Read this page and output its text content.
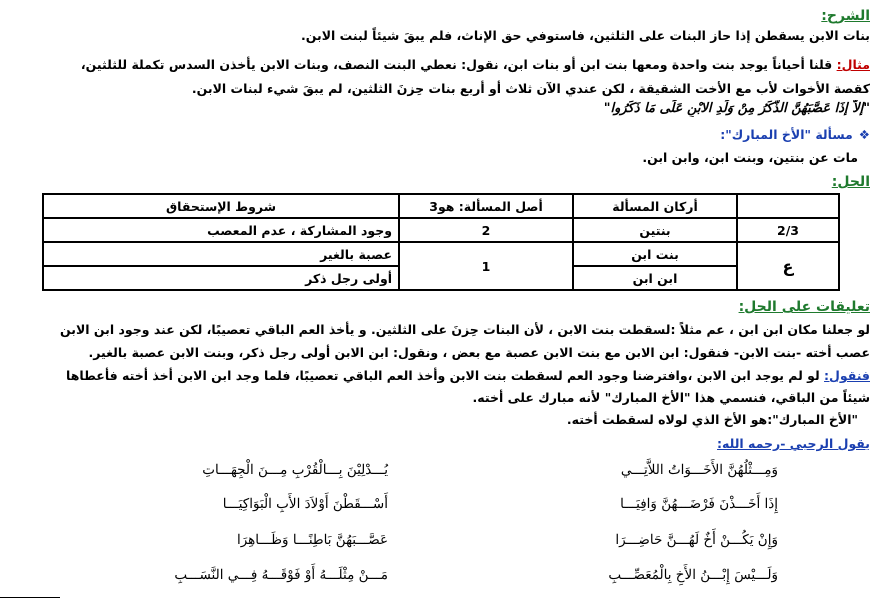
الشرح:
بنات الابن يسقطن إذا حاز البنات على الثلثين، فاستوفي حق الإناث، فلم يبقَ شيئاً لبنت الابن.
مثال: قلنا أحياناً يوجد بنت واحدة ومعها بنت ابن أو بنات ابن، نقول: نعطي البنت النصف، وبنات الابن يأخذن السدس تكملة للثلثين،
كقصة الأخوات لأب مع الأخت الشقيقة ، لكن عندي الآن ثلاث أو أربع بنات حِزنَ الثلثين، لم يبقَ شيء لبنات الابن.
"إلاَّ إذَا عَصَّبَهُنَّ الذَّكَرُ مِنْ وَلَدِ الابْنِ عَلَى مَا ذَكَرُوا"
❖مسألة "الأخ المبارك":
مات عن بنتين، وبنت ابن، وابن ابن.
الحل:
	أركان المسألة	أصل المسألة: هو3	شروط الإستحقاق
2/3	بنتين	2	وجود المشاركة ، عدم المعصب
ع	بنت ابن	1	عصبة بالغير
	ابن ابن		أولى رجل ذكر
تعليقات على الحل:
لو جعلنا مكان ابن ابن ، عم مثلاً :لسقطت بنت الابن ، لأن البنات حِزنَ على الثلثين. و يأخذ العم الباقي تعصيبًا، لكن عند وجود ابن الابن
عصب أخته -بنت الابن- فنقول: ابن الابن مع بنت الابن عصبة مع بعض ، ونقول: ابن الابن أولى رجل ذكر، وبنت الابن عصبة بالغير.
فنقول: لو لم يوجد ابن الابن ،وافترضنا وجود العم لسقطت بنت الابن وأخذ العم الباقي تعصيبًا، فلما وجد ابن الابن أخذ أخته فأعطاها
شيئاً من الباقي، فنسمي هذا "الأخ المبارك" لأنه مبارك على أخته.
"الأخ المبارك":هو الأخ الذي لولاه لسقطت أخته.
يقول الرحبي -رحمه الله:
وَمِـــثْلُهُنَّ الأَخَـــوَاتُ اللاَّتِـــي
يُـــدْلِيْنَ بِـــالْقُرْبِ مِـــنَ الْجِهَـــاتِ
إِذَا أَخَـــذْنَ فَرْضَـــهُنَّ وَافِيَـــا
أَسْـــقَطْنَ أَوْلاَدَ الأَبِ الْبَوَاكِيَـــا
وَإِنْ يَكُـــنْ أَخٌ لَهُـــنَّ حَاضِـــرَا
عَصَّـــبَهُنَّ بَاطِنًـــا وَظَـــاهِرَا
وَلَـــيْسَ إِبْـــنُ الأَخِ بِالْمُعَصِّـــبِ
مَـــنْ مِثْلَـــهُ أَوْ فَوْقَـــهُ فِـــي النَّسَـــبِ
